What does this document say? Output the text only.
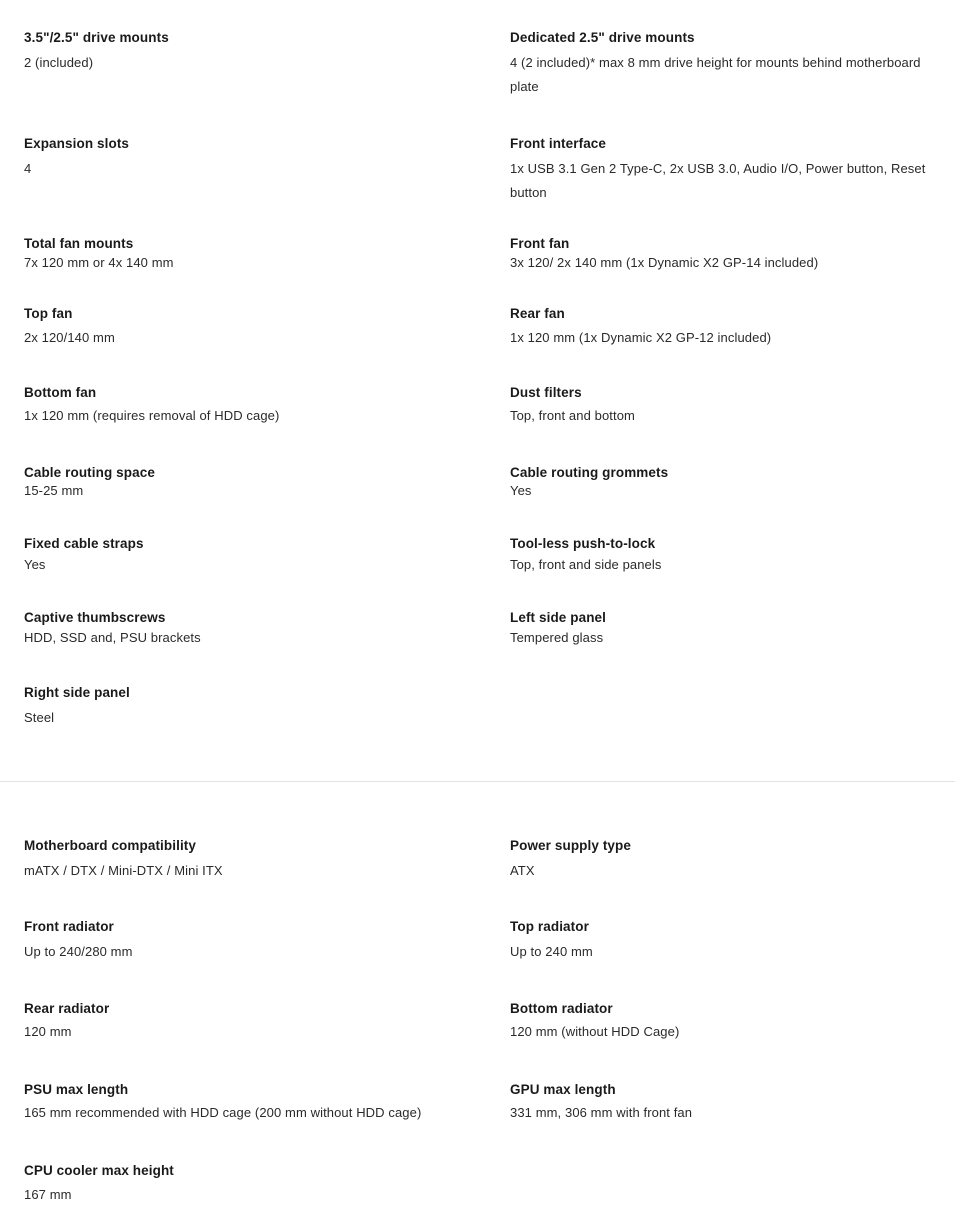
3.5"/2.5" drive mounts
2 (included)
Dedicated 2.5" drive mounts
4 (2 included)* max 8 mm drive height for mounts behind motherboard plate
Expansion slots
4
Front interface
1x USB 3.1 Gen 2 Type-C, 2x USB 3.0, Audio I/O, Power button, Reset button
Total fan mounts
7x 120 mm or 4x 140 mm
Front fan
3x 120/ 2x 140 mm (1x Dynamic X2 GP-14 included)
Top fan
2x 120/140 mm
Rear fan
1x 120 mm (1x Dynamic X2 GP-12 included)
Bottom fan
1x 120 mm (requires removal of HDD cage)
Dust filters
Top, front and bottom
Cable routing space
15-25 mm
Cable routing grommets
Yes
Fixed cable straps
Yes
Tool-less push-to-lock
Top, front and side panels
Captive thumbscrews
HDD, SSD and, PSU brackets
Left side panel
Tempered glass
Right side panel
Steel
Motherboard compatibility
mATX / DTX / Mini-DTX / Mini ITX
Power supply type
ATX
Front radiator
Up to 240/280 mm
Top radiator
Up to 240 mm
Rear radiator
120 mm
Bottom radiator
120 mm (without HDD Cage)
PSU max length
165 mm recommended with HDD cage (200 mm without HDD cage)
GPU max length
331 mm, 306 mm with front fan
CPU cooler max height
167 mm
